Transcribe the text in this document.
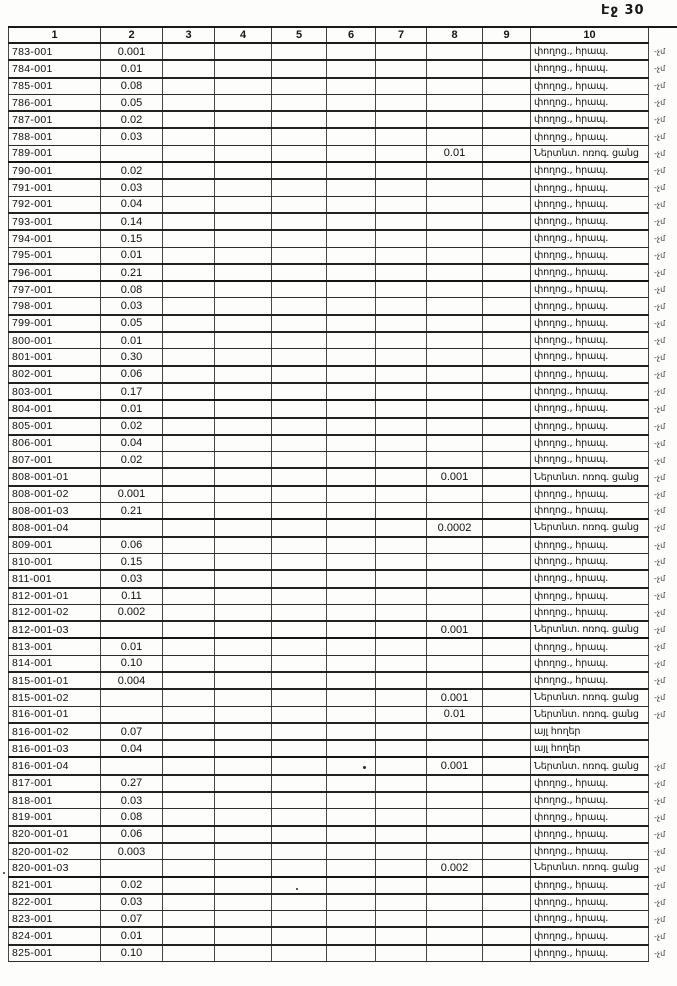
Էջ 30
1	2	3	4	5	6	7	8	9	10	
783-001	0.001								փողոց., հրապ.	-չմ
784-001	0.01								փողոց., հրապ.	-չմ
785-001	0.08								փողոց., հրապ.	-չմ
786-001	0.05								փողոց., հրապ.	-չմ
787-001	0.02								փողոց., հրապ.	-չմ
788-001	0.03								փողոց., հրապ.	-չմ
789-001							0.01		Ներտնտ. ոռոգ. ցանց	-չմ
790-001	0.02								փողոց., հրապ.	-չմ
791-001	0.03								փողոց., հրապ.	-չմ
792-001	0.04								փողոց., հրապ.	-չմ
793-001	0.14								փողոց., հրապ.	-չմ
794-001	0.15								փողոց., հրապ.	-չմ
795-001	0.01								փողոց., հրապ.	-չմ
796-001	0.21								փողոց., հրապ.	-չմ
797-001	0.08								փողոց., հրապ.	-չմ
798-001	0.03								փողոց., հրապ.	-չմ
799-001	0.05								փողոց., հրապ.	-չմ
800-001	0.01								փողոց., հրապ.	-չմ
801-001	0.30								փողոց., հրապ.	-չմ
802-001	0.06								փողոց., հրապ.	-չմ
803-001	0.17								փողոց., հրապ.	-չմ
804-001	0.01								փողոց., հրապ.	-չմ
805-001	0.02								փողոց., հրապ.	-չմ
806-001	0.04								փողոց., հրապ.	-չմ
807-001	0.02								փողոց., հրապ.	-չմ
808-001-01							0.001		Ներտնտ. ոռոգ. ցանց	-չմ
808-001-02	0.001								փողոց., հրապ.	-չմ
808-001-03	0.21								փողոց., հրապ.	-չմ
808-001-04							0.0002		Ներտնտ. ոռոգ. ցանց	-չմ
809-001	0.06								փողոց., հրապ.	-չմ
810-001	0.15								փողոց., հրապ.	-չմ
811-001	0.03								փողոց., հրապ.	-չմ
812-001-01	0.11								փողոց., հրապ.	-չմ
812-001-02	0.002								փողոց., հրապ.	-չմ
812-001-03							0.001		Ներտնտ. ոռոգ. ցանց	-չմ
813-001	0.01								փողոց., հրապ.	-չմ
814-001	0.10								փողոց., հրապ.	-չմ
815-001-01	0.004								փողոց., հրապ.	-չմ
815-001-02							0.001		Ներտնտ. ոռոգ. ցանց	-չմ
816-001-01							0.01		Ներտնտ. ոռոգ. ցանց	-չմ
816-001-02	0.07								այլ հողեր	
816-001-03	0.04								այլ հողեր	
816-001-04							0.001		Ներտնտ. ոռոգ. ցանց	-չմ
817-001	0.27								փողոց., հրապ.	-չմ
818-001	0.03								փողոց., հրապ.	-չմ
819-001	0.08								փողոց., հրապ.	-չմ
820-001-01	0.06								փողոց., հրապ.	-չմ
820-001-02	0.003								փողոց., հրապ.	-չմ
820-001-03							0.002		Ներտնտ. ոռոգ. ցանց	-չմ
821-001	0.02								փողոց., հրապ.	-չմ
822-001	0.03								փողոց., հրապ.	-չմ
823-001	0.07								փողոց., հրապ.	-չմ
824-001	0.01								փողոց., հրապ.	-չմ
825-001	0.10								փողոց., հրապ.	-չմ
